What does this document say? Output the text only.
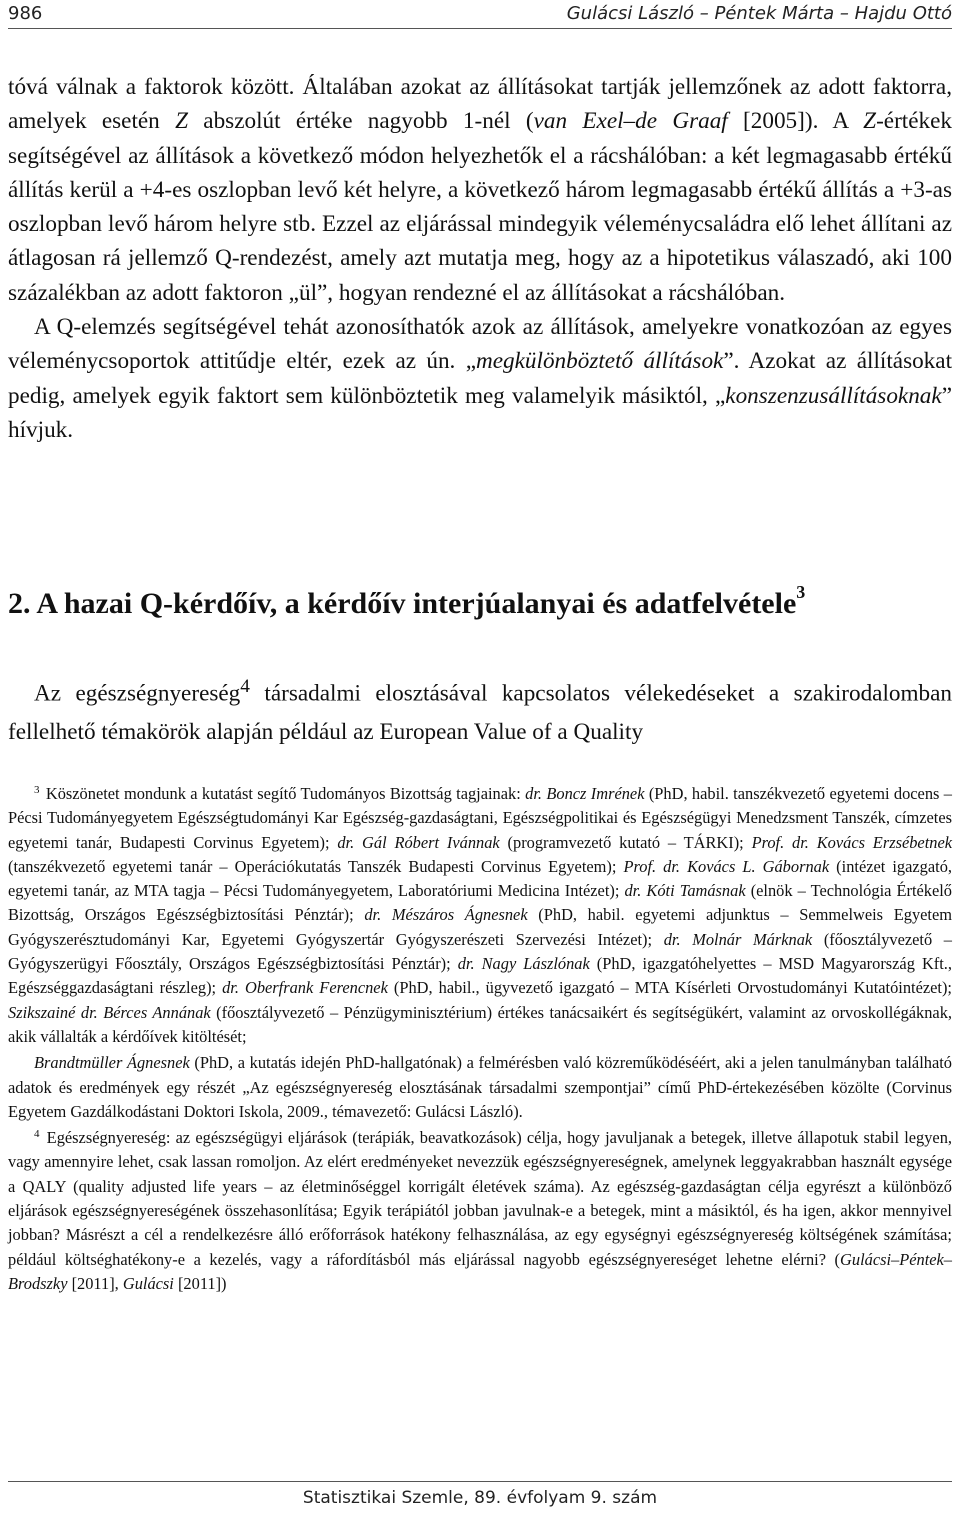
986	Gulácsi László – Péntek Márta – Hajdu Ottó

tóvá válnak a faktorok között. Általában azokat az állításokat tartják jellemzőnek az adott faktorra, amelyek esetén Z abszolút értéke nagyobb 1-nél (van Exel–de Graaf [2005]). A Z-értékek segítségével az állítások a következő módon helyezhetők el a rácshálóban: a két legmagasabb értékű állítás kerül a +4-es oszlopban levő két helyre, a következő három legmagasabb értékű állítás a +3-as oszlopban levő három helyre stb. Ezzel az eljárással mindegyik véleménycsaládra elő lehet állítani az átlagosan rá jellemző Q-rendezést, amely azt mutatja meg, hogy az a hipotetikus válaszadó, aki 100 százalékban az adott faktoron „ül”, hogyan rendezné el az állításokat a rácshálóban.

A Q-elemzés segítségével tehát azonosíthatók azok az állítások, amelyekre vonatkozóan az egyes véleménycsoportok attitűdje eltér, ezek az ún. „megkülönböztető állítások”. Azokat az állításokat pedig, amelyek egyik faktort sem különböztetik meg valamelyik másiktól, „konszenzusállításoknak” hívjuk.

2. A hazai Q-kérdőív, a kérdőív interjúalanyai és adatfelvétele$^3$

Az egészségnyereség$^4$ társadalmi elosztásával kapcsolatos vélekedéseket a szakirodalomban fellelhető témakörök alapján például az European Value of a Quality

$^3$ Köszönetet mondunk a kutatást segítő Tudományos Bizottság tagjainak: dr. Boncz Imrének (PhD, habil. tanszékvezető egyetemi docens – Pécsi Tudományegyetem Egészségtudományi Kar Egészség-gazdaságtani, Egészségpolitikai és Egészségügyi Menedzsment Tanszék, címzetes egyetemi tanár, Budapesti Corvinus Egyetem); dr. Gál Róbert Ivánnak (programvezető kutató – TÁRKI); Prof. dr. Kovács Erzsébetnek (tanszékvezető egyetemi tanár – Operációkutatás Tanszék Budapesti Corvinus Egyetem); Prof. dr. Kovács L. Gábornak (intézet igazgató, egyetemi tanár, az MTA tagja – Pécsi Tudományegyetem, Laboratóriumi Medicina Intézet); dr. Kóti Tamásnak (elnök – Technológia Értékelő Bizottság, Országos Egészségbiztosítási Pénztár); dr. Mészáros Ágnesnek (PhD, habil. egyetemi adjunktus – Semmelweis Egyetem Gyógyszerésztudományi Kar, Egyetemi Gyógyszertár Gyógyszerészeti Szervezési Intézet); dr. Molnár Márknak (főosztályvezető – Gyógyszerügyi Főosztály, Országos Egészségbiztosítási Pénztár); dr. Nagy Lászlónak (PhD, igazgatóhelyettes – MSD Magyarország Kft., Egészséggazdaságtani részleg); dr. Oberfrank Ferencnek (PhD, habil., ügyvezető igazgató – MTA Kísérleti Orvostudományi Kutatóintézet); Szikszainé dr. Bérces Annának (főosztályvezető – Pénzügyminisztérium) értékes tanácsaikért és segítségükért, valamint az orvoskollégáknak, akik vállalták a kérdőívek kitöltését;

Brandtmüller Ágnesnek (PhD, a kutatás idején PhD-hallgatónak) a felmérésben való közreműködéséért, aki a jelen tanulmányban található adatok és eredmények egy részét „Az egészségnyereség elosztásának társadalmi szempontjai” című PhD-értekezésében közölte (Corvinus Egyetem Gazdálkodástani Doktori Iskola, 2009., témavezető: Gulácsi László).

$^4$ Egészségnyereség: az egészségügyi eljárások (terápiák, beavatkozások) célja, hogy javuljanak a betegek, illetve állapotuk stabil legyen, vagy amennyire lehet, csak lassan romoljon. Az elért eredményeket nevezzük egészségnyereségnek, amelynek leggyakrabban használt egysége a QALY (quality adjusted life years – az életminőséggel korrigált életévek száma). Az egészség-gazdaságtan célja egyrészt a különböző eljárások egészségnyereségének összehasonlítása; Egyik terápiától jobban javulnak-e a betegek, mint a másiktól, és ha igen, akkor mennyivel jobban? Másrészt a cél a rendelkezésre álló erőforrások hatékony felhasználása, az egy egységnyi egészségnyereség költségének számítása; például költséghatékony-e a kezelés, vagy a ráfordításból más eljárással nagyobb egészségnyereséget lehetne elérni? (Gulácsi–Péntek–Brodszky [2011], Gulácsi [2011])

Statisztikai Szemle, 89. évfolyam 9. szám
